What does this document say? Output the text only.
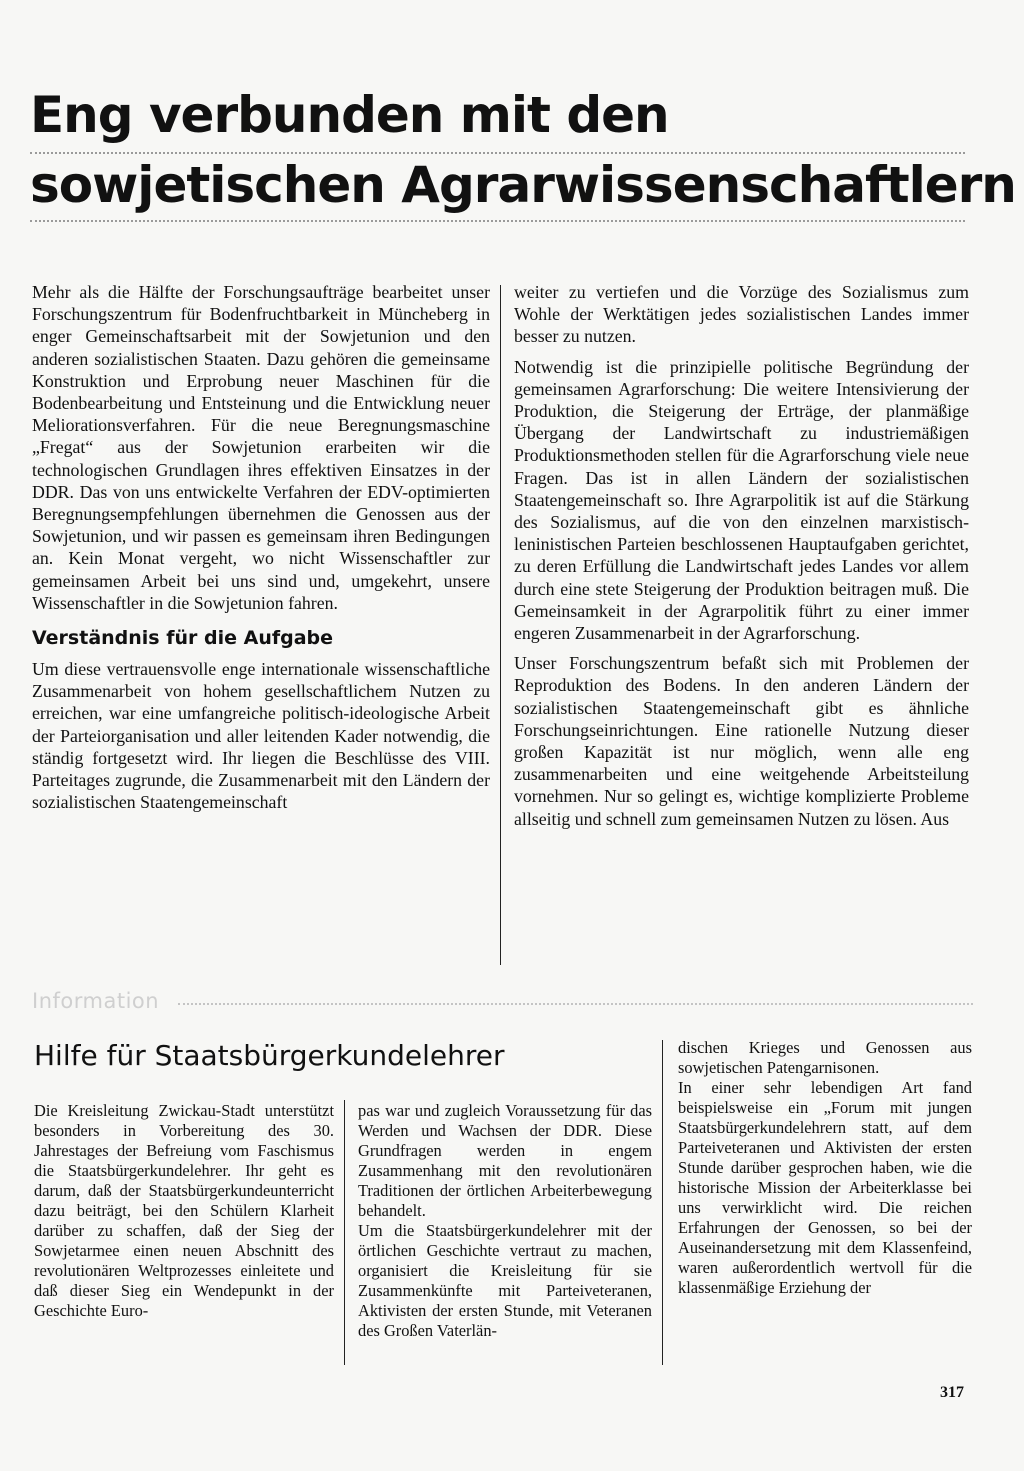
Eng verbunden mit den
sowjetischen Agrarwissenschaftlern

Mehr als die Hälfte der Forschungsaufträge bearbeitet unser Forschungszentrum für Bodenfruchtbarkeit in Müncheberg in enger Gemeinschaftsarbeit mit der Sowjetunion und den anderen sozialistischen Staaten. Dazu gehören die gemeinsame Konstruktion und Erprobung neuer Maschinen für die Bodenbearbeitung und Entsteinung und die Entwicklung neuer Meliorationsverfahren. Für die neue Beregnungsmaschine „Fregat“ aus der Sowjetunion erarbeiten wir die technologischen Grundlagen ihres effektiven Einsatzes in der DDR. Das von uns entwickelte Verfahren der EDV-optimierten Beregnungsempfehlungen übernehmen die Genossen aus der Sowjetunion, und wir passen es gemeinsam ihren Bedingungen an. Kein Monat vergeht, wo nicht Wissenschaftler zur gemeinsamen Arbeit bei uns sind und, umgekehrt, unsere Wissenschaftler in die Sowjetunion fahren.

Verständnis für die Aufgabe

Um diese vertrauensvolle enge internationale wissenschaftliche Zusammenarbeit von hohem gesellschaftlichem Nutzen zu erreichen, war eine umfangreiche politisch-ideologische Arbeit der Parteiorganisation und aller leitenden Kader notwendig, die ständig fortgesetzt wird. Ihr liegen die Beschlüsse des VIII. Parteitages zugrunde, die Zusammenarbeit mit den Ländern der sozialistischen Staatengemeinschaft

weiter zu vertiefen und die Vorzüge des Sozialismus zum Wohle der Werktätigen jedes sozialistischen Landes immer besser zu nutzen.

Notwendig ist die prinzipielle politische Begründung der gemeinsamen Agrarforschung: Die weitere Intensivierung der Produktion, die Steigerung der Erträge, der planmäßige Übergang der Landwirtschaft zu industriemäßigen Produktionsmethoden stellen für die Agrarforschung viele neue Fragen. Das ist in allen Ländern der sozialistischen Staatengemeinschaft so. Ihre Agrarpolitik ist auf die Stärkung des Sozialismus, auf die von den einzelnen marxistisch-leninistischen Parteien beschlossenen Hauptaufgaben gerichtet, zu deren Erfüllung die Landwirtschaft jedes Landes vor allem durch eine stete Steigerung der Produktion beitragen muß. Die Gemeinsamkeit in der Agrarpolitik führt zu einer immer engeren Zusammenarbeit in der Agrarforschung.

Unser Forschungszentrum befaßt sich mit Problemen der Reproduktion des Bodens. In den anderen Ländern der sozialistischen Staatengemeinschaft gibt es ähnliche Forschungseinrichtungen. Eine rationelle Nutzung dieser großen Kapazität ist nur möglich, wenn alle eng zusammenarbeiten und eine weitgehende Arbeitsteilung vornehmen. Nur so gelingt es, wichtige komplizierte Probleme allseitig und schnell zum gemeinsamen Nutzen zu lösen. Aus

Information
Hilfe für Staatsbürgerkundelehrer

Die Kreisleitung Zwickau-Stadt unterstützt besonders in Vorbereitung des 30. Jahrestages der Befreiung vom Faschismus die Staatsbürgerkundelehrer. Ihr geht es darum, daß der Staatsbürgerkundeunterricht dazu beiträgt, bei den Schülern Klarheit darüber zu schaffen, daß der Sieg der Sowjetarmee einen neuen Abschnitt des revolutionären Weltprozesses einleitete und daß dieser Sieg ein Wendepunkt in der Geschichte Euro-

pas war und zugleich Voraussetzung für das Werden und Wachsen der DDR. Diese Grundfragen werden in engem Zusammenhang mit den revolutionären Traditionen der örtlichen Arbeiterbewegung behandelt.

Um die Staatsbürgerkundelehrer mit der örtlichen Geschichte vertraut zu machen, organisiert die Kreisleitung für sie Zusammenkünfte mit Parteiveteranen, Aktivisten der ersten Stunde, mit Veteranen des Großen Vaterlän-

dischen Krieges und Genossen aus sowjetischen Patengarnisonen.

In einer sehr lebendigen Art fand beispielsweise ein „Forum mit jungen Staatsbürgerkundelehrern statt, auf dem Parteiveteranen und Aktivisten der ersten Stunde darüber gesprochen haben, wie die historische Mission der Arbeiterklasse bei uns verwirklicht wird. Die reichen Erfahrungen der Genossen, so bei der Auseinandersetzung mit dem Klassenfeind, waren außerordentlich wertvoll für die klassenmäßige Erziehung der

317
